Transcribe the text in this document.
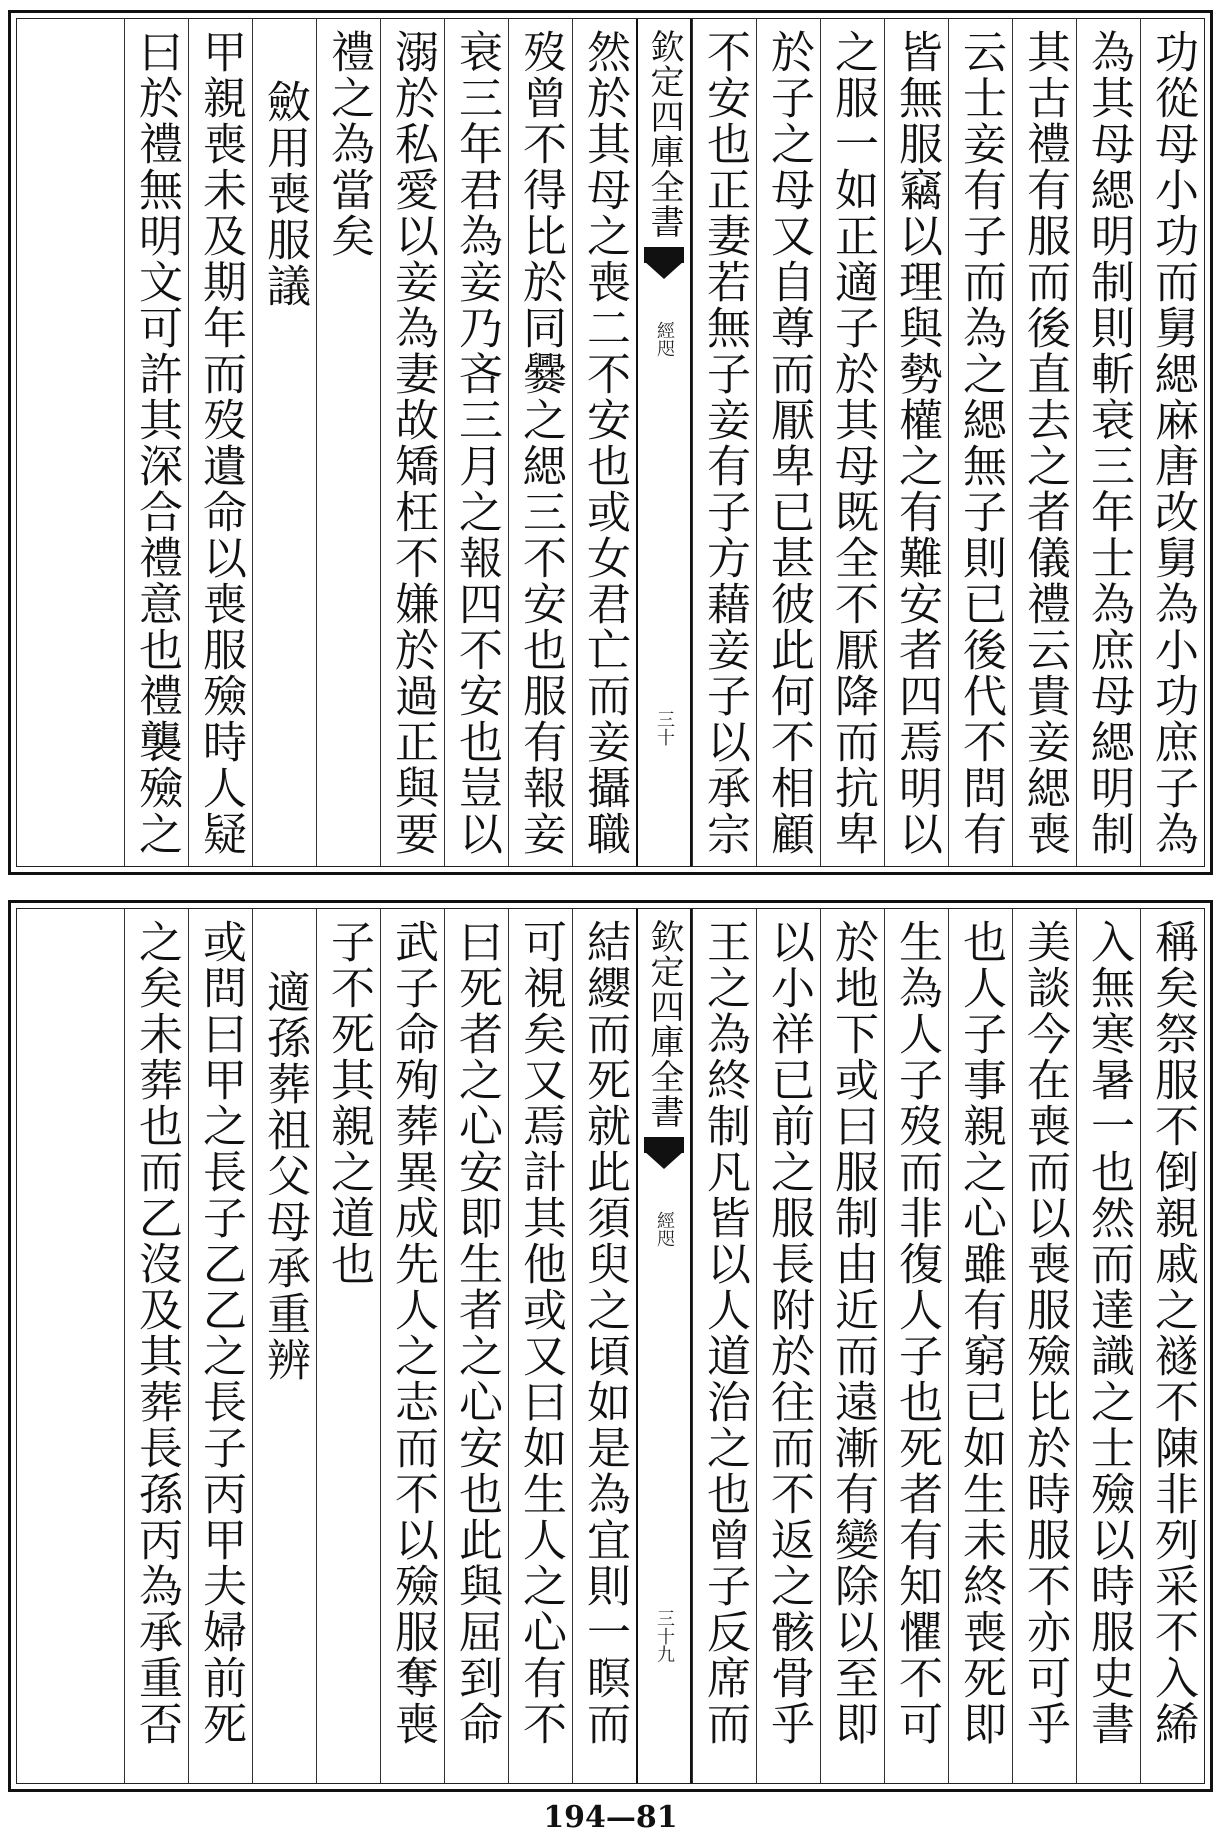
功從母小功而舅緦麻唐改舅為小功庶子為
為其母緦明制則斬衰三年士為庶母緦明制
其古禮有服而後直去之者儀禮云貴妾緦喪
云士妾有子而為之緦無子則已後代不問有
皆無服竊以理與勢權之有難安者四焉明以
之服一如正適子於其母既全不厭降而抗卑
於子之母又自尊而厭卑已甚彼此何不相顧
不安也正妻若無子妾有子方藉妾子以承宗
欽定四庫全書
經咫
三十
然於其母之喪二不安也或女君亡而妾攝職
歿曾不得比於同爨之緦三不安也服有報妾
衰三年君為妾乃吝三月之報四不安也豈以
溺於私愛以妾為妻故矯枉不嫌於過正與要
禮之為當矣
斂用喪服議
甲親喪未及期年而歿遺命以喪服殮時人疑
曰於禮無明文可許其深合禮意也禮襲殮之
稱矣祭服不倒親戚之襚不陳非列采不入絺
入無寒暑一也然而達識之士殮以時服史書
美談今在喪而以喪服殮比於時服不亦可乎
也人子事親之心雖有窮已如生未終喪死即
生為人子歿而非復人子也死者有知懼不可
於地下或曰服制由近而遠漸有變除以至即
以小祥已前之服長附於往而不返之骸骨乎
王之為終制凡皆以人道治之也曾子反席而
欽定四庫全書
經咫
三十九
結纓而死就此須臾之頃如是為宜則一瞑而
可視矣又焉計其他或又曰如生人之心有不
曰死者之心安即生者之心安也此與屈到命
武子命殉葬異成先人之志而不以殮服奪喪
子不死其親之道也
適孫葬祖父母承重辨
或問曰甲之長子乙乙之長子丙甲夫婦前死
之矣未葬也而乙沒及其葬長孫丙為承重否
194—81
